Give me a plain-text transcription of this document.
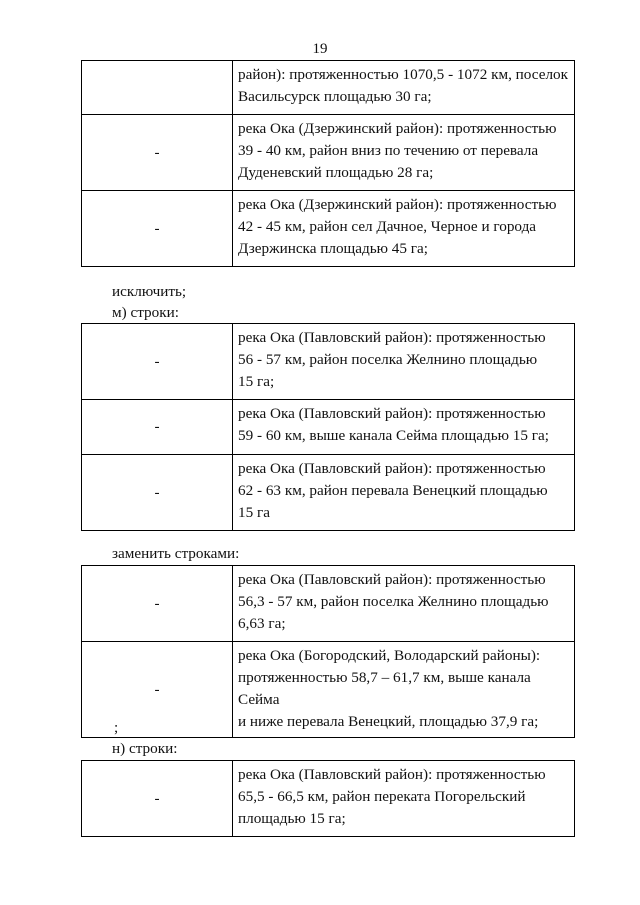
19

	район): протяженностью 1070,5 - 1072 км, поселок
Васильсурск площадью 30 га;

-	река Ока (Дзержинский район): протяженностью
39 - 40 км, район вниз по течению от перевала
Дуденевский площадью 28 га;

-	река Ока (Дзержинский район): протяженностью
42 - 45 км, район сел Дачное, Черное и города
Дзержинска площадью 45 га;
исключить;
м) строки:
-	река Ока (Павловский район): протяженностью
56 - 57 км, район поселка Желнино площадью
15 га;

-	река Ока (Павловский район): протяженностью
59 - 60 км, выше канала Сейма площадью 15 га;

-	река Ока (Павловский район): протяженностью
62 - 63 км, район перевала Венецкий площадью
15 га
заменить строками:
-	река Ока (Павловский район): протяженностью
56,3 - 57 км, район поселка Желнино площадью
6,63 га;

-	река Ока (Богородский, Володарский районы):
протяженностью 58,7 – 61,7 км, выше канала Сейма
и ниже перевала Венецкий, площадью 37,9 га;
;
н) строки:
-	
река Ока (Павловский район): протяженностью
65,5 - 66,5 км, район переката Погорельский
площадью 15 га;
